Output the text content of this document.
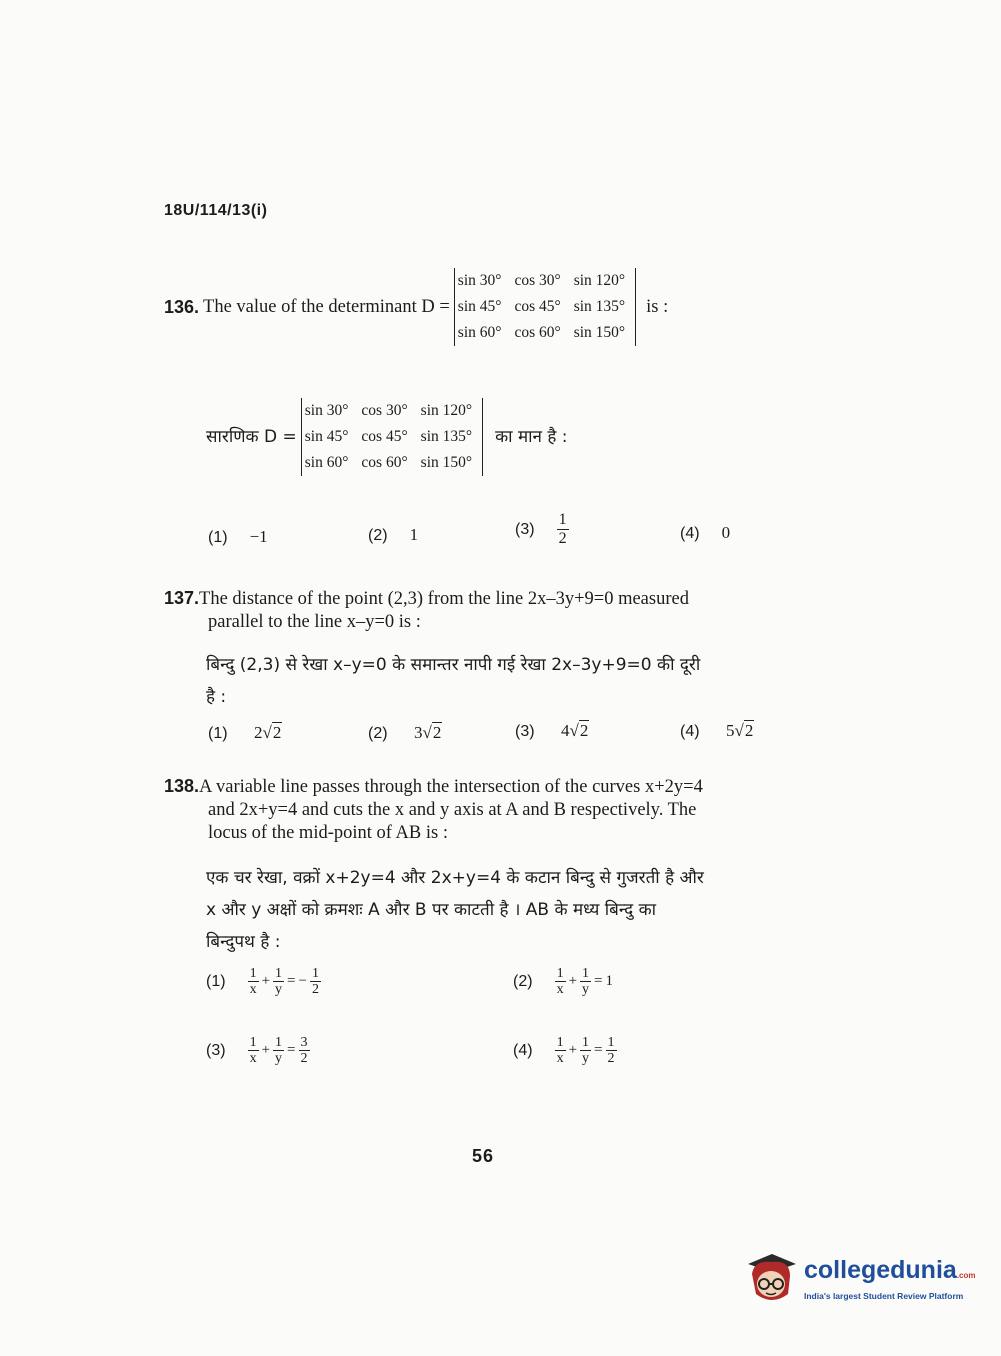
18U/114/13(i)
136. The value of the determinant D =
sin 30°	cos 30°	sin 120°
sin 45°	cos 45°	sin 135°
sin 60°	cos 60°	sin 150°
is :
सारणिक D =
sin 30°	cos 30°	sin 120°
sin 45°	cos 45°	sin 135°
sin 60°	cos 60°	sin 150°
का मान है :
(1) −1	(2) 1	$(3) \frac{1}{2}$	(4) 0
137.The distance of the point (2,3) from the line 2x–3y+9=0 measured
parallel to the line x–y=0 is :
बिन्दु (2,3) से रेखा x–y=0 के समान्तर नापी गई रेखा 2x–3y+9=0 की दूरी
है :
(1) 2√2	(2) 3√2	(3) 4√2	(4) 5√2
138.A variable line passes through the intersection of the curves x+2y=4
and 2x+y=4 and cuts the x and y axis at A and B respectively. The
locus of the mid-point of AB is :
एक चर रेखा, वक्रों x+2y=4 और 2x+y=4 के कटान बिन्दु से गुजरती है और
x और y अक्षों को क्रमशः A और B पर काटती है । AB के मध्य बिन्दु का
बिन्दुपथ है :
$(1) \frac{1}{x} + \frac{1}{y}$ = − $\frac{1}{2}$	$(2) \frac{1}{x} + \frac{1}{y} = 1$
$(3) \frac{1}{x} + \frac{1}{y} = \frac{3}{2}$	$(4) \frac{1}{x} + \frac{1}{y} = \frac{1}{2}$
56
collegedunia.com
India's largest Student Review Platform
